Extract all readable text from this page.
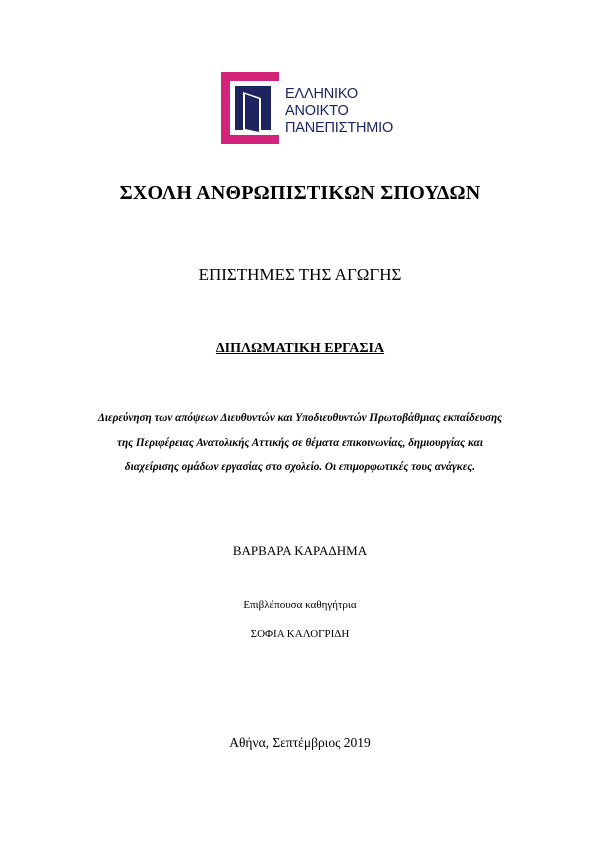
ΕΛΛΗΝΙΚΟ
ΑΝΟΙΚΤΟ
ΠΑΝΕΠΙΣΤΗΜΙΟ
ΣΧΟΛΗ ΑΝΘΡΩΠΙΣΤΙΚΩΝ ΣΠΟΥΔΩΝ
ΕΠΙΣΤΗΜΕΣ ΤΗΣ ΑΓΩΓΗΣ
ΔΙΠΛΩΜΑΤΙΚΗ ΕΡΓΑΣΙΑ
Διερεύνηση των απόψεων Διευθυντών και Υποδιευθυντών Πρωτοβάθμιας εκπαίδευσης
της Περιφέρειας Ανατολικής Αττικής σε θέματα επικοινωνίας, δημιουργίας και
διαχείρισης ομάδων εργασίας στο σχολείο. Οι επιμορφωτικές τους ανάγκες.
ΒΑΡΒΑΡΑ ΚΑΡΑΔΗΜΑ
Επιβλέπουσα καθηγήτρια
ΣΟΦΙΑ ΚΑΛΟΓΡΙΔΗ
Αθήνα, Σεπτέμβριος 2019
